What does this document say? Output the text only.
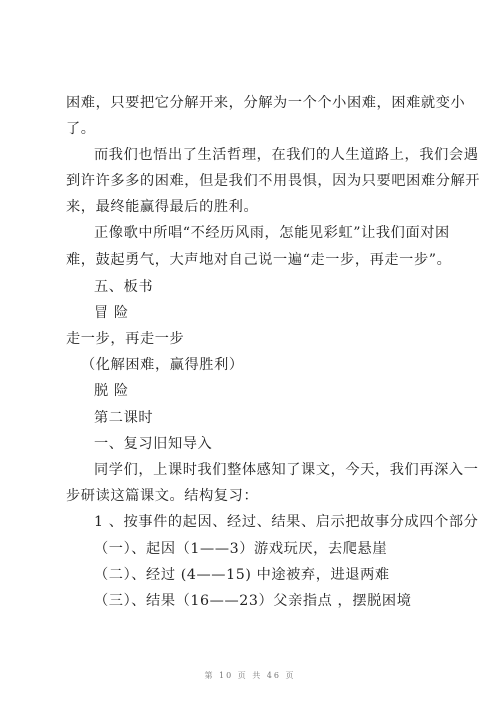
困难，只要把它分解开来，分解为一个个小困难，困难就变小
了。
而我们也悟出了生活哲理，在我们的人生道路上，我们会遇
到许许多多的困难，但是我们不用畏惧，因为只要吧困难分解开
来，最终能赢得最后的胜利。
正像歌中所唱“不经历风雨，怎能见彩虹”让我们面对困
难，鼓起勇气，大声地对自己说一遍“走一步，再走一步”。
五、板书
冒 险
走一步，再走一步
（化解困难，赢得胜利）
脱 险
第二课时
一、复习旧知导入
同学们，上课时我们整体感知了课文，今天，我们再深入一
步研读这篇课文。结构复习：
1 、按事件的起因、经过、结果、启示把故事分成四个部分
（一）、起因（1——3）游戏玩厌，去爬悬崖
（二）、经过 (4——15) 中途被弃，进退两难
（三）、结果（16——23）父亲指点 ，摆脱困境
第 10 页 共 46 页
